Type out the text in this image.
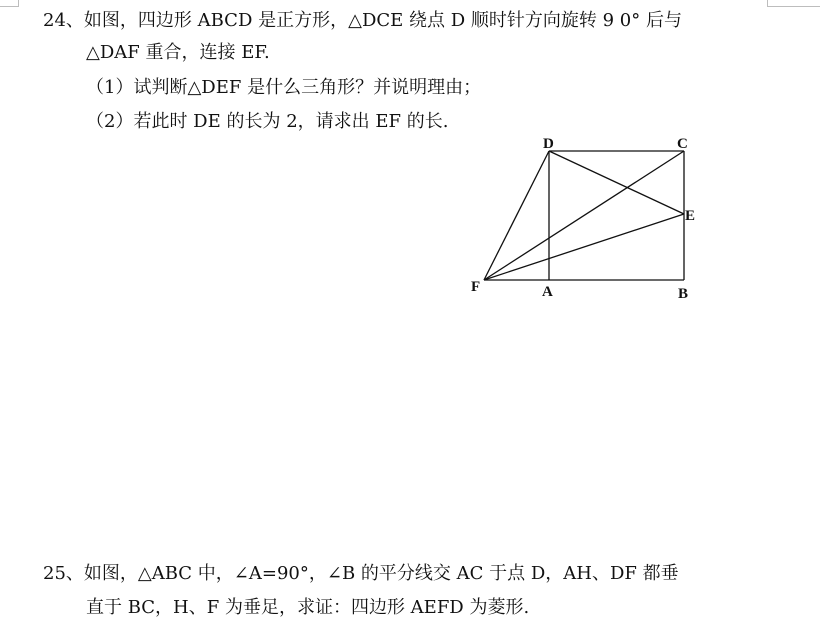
24、如图，四边形 ABCD 是正方形，△DCE 绕点 D 顺时针方向旋转 9 0° 后与
△DAF 重合，连接 EF.
（1）试判断△DEF 是什么三角形？并说明理由；
（2）若此时 DE 的长为 2，请求出 EF 的长.
D	C
E
F	A	B
25、如图，△ABC 中，∠A=90°，∠B 的平分线交 AC 于点 D，AH、DF 都垂
直于 BC，H、F 为垂足，求证：四边形 AEFD 为菱形.
